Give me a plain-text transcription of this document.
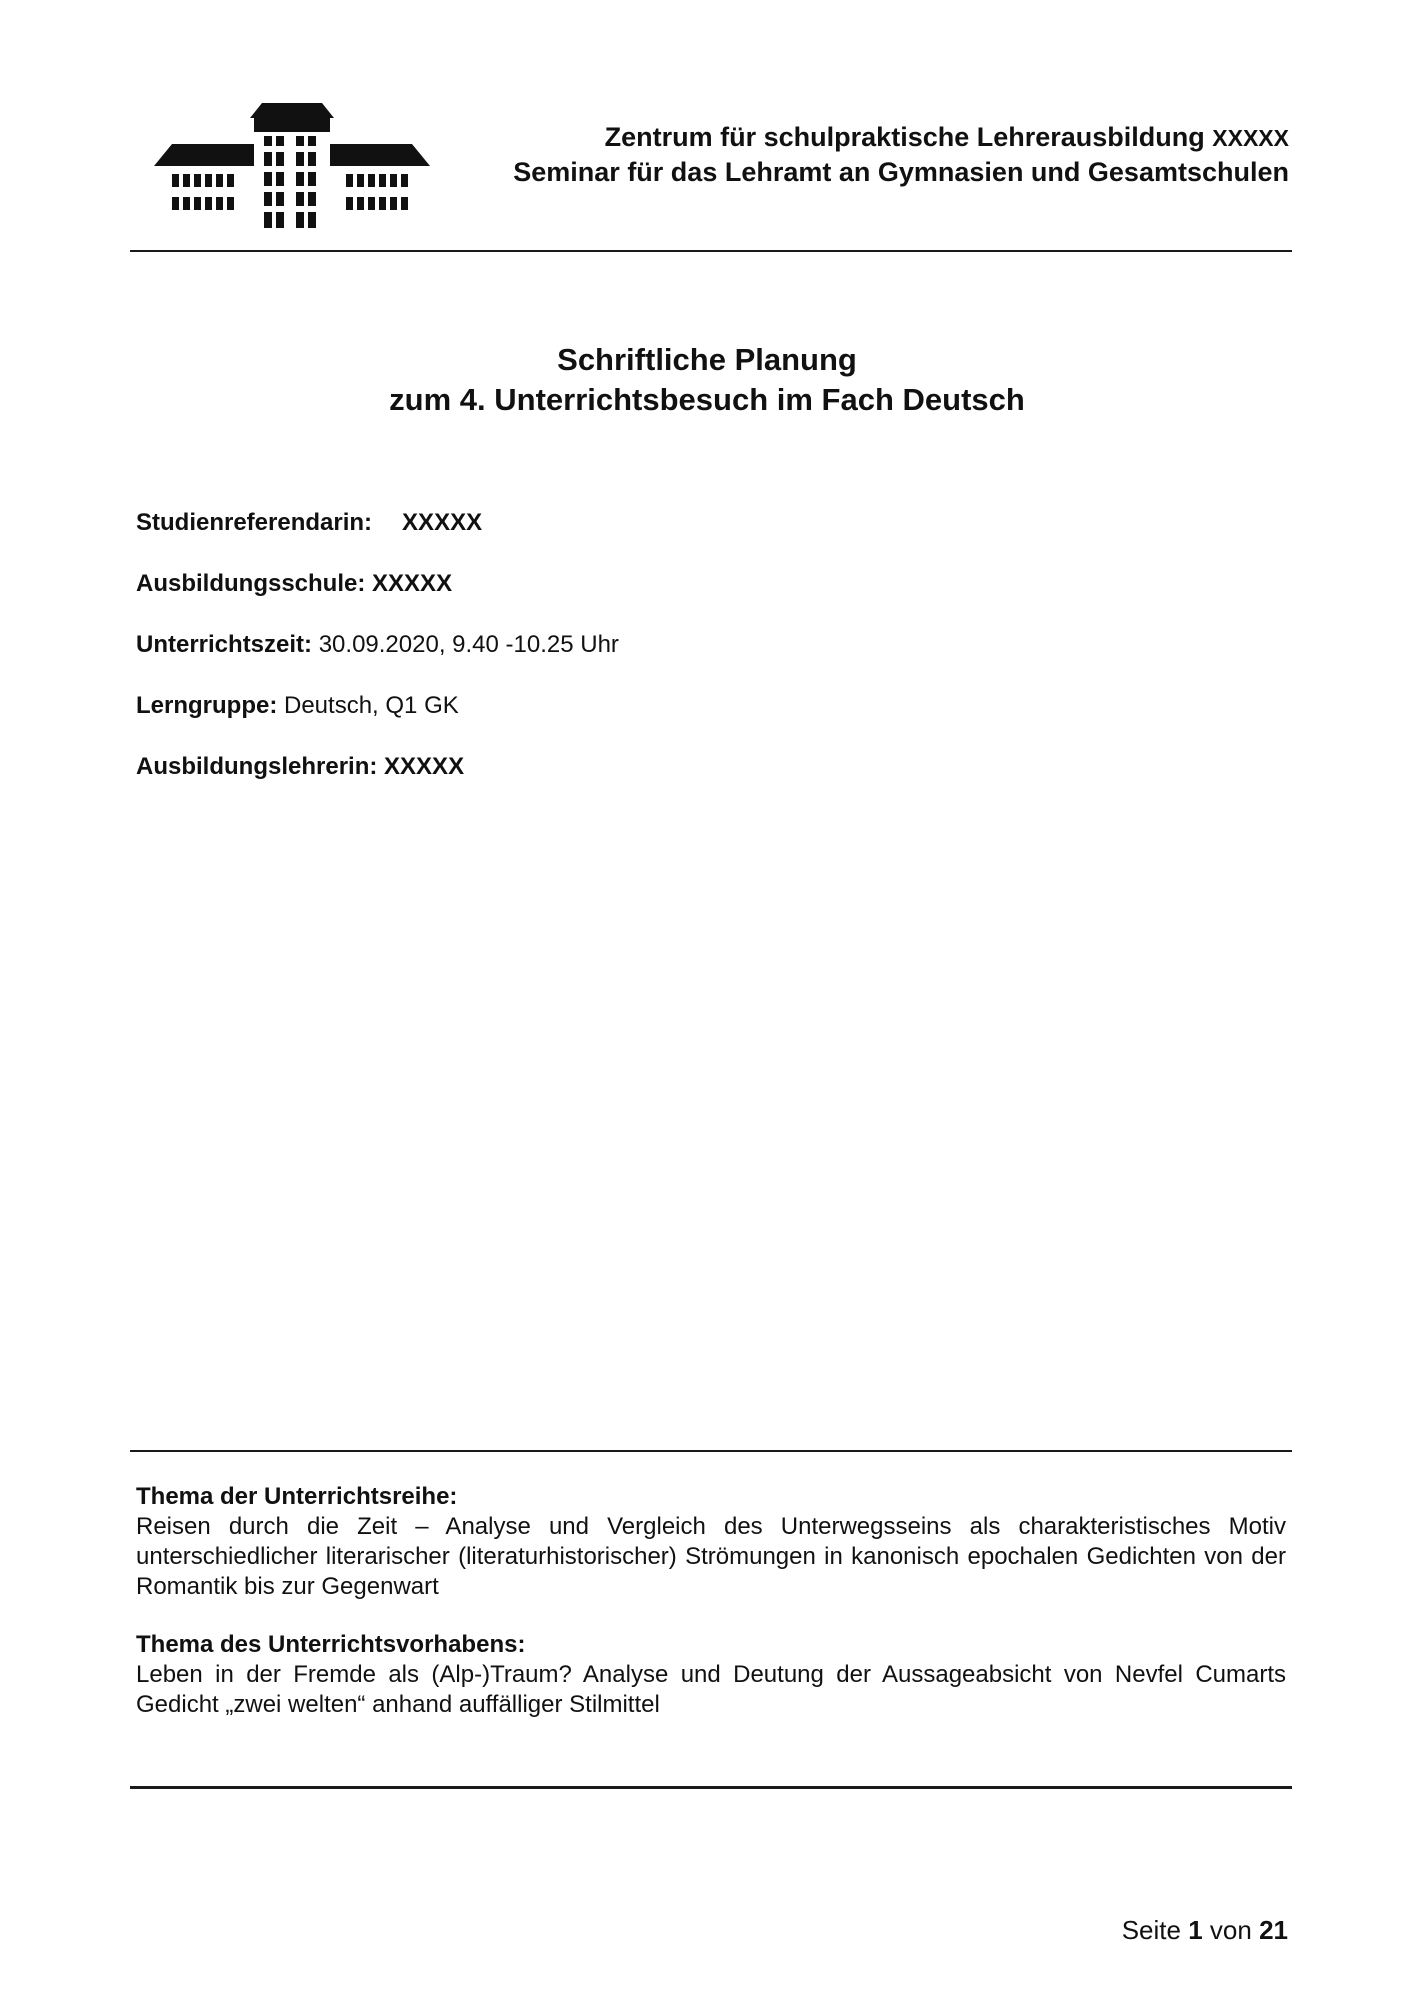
Zentrum für schulpraktische Lehrerausbildung XXXXX
Seminar für das Lehramt an Gymnasien und Gesamtschulen
Schriftliche Planung
zum 4. Unterrichtsbesuch im Fach Deutsch
Studienreferendarin: XXXXX
Ausbildungsschule: XXXXX
Unterrichtszeit: 30.09.2020, 9.40 -10.25 Uhr
Lerngruppe: Deutsch, Q1 GK
Ausbildungslehrerin: XXXXX
Thema der Unterrichtsreihe:
Reisen durch die Zeit – Analyse und Vergleich des Unterwegsseins als charakteristisches Motiv unterschiedlicher literarischer (literaturhistorischer) Strömungen in kanonisch epochalen Gedichten von der Romantik bis zur Gegenwart
Thema des Unterrichtsvorhabens:
Leben in der Fremde als (Alp-)Traum? Analyse und Deutung der Aussageabsicht von Nevfel Cumarts Gedicht „zwei welten“ anhand auffälliger Stilmittel
Seite 1 von 21
